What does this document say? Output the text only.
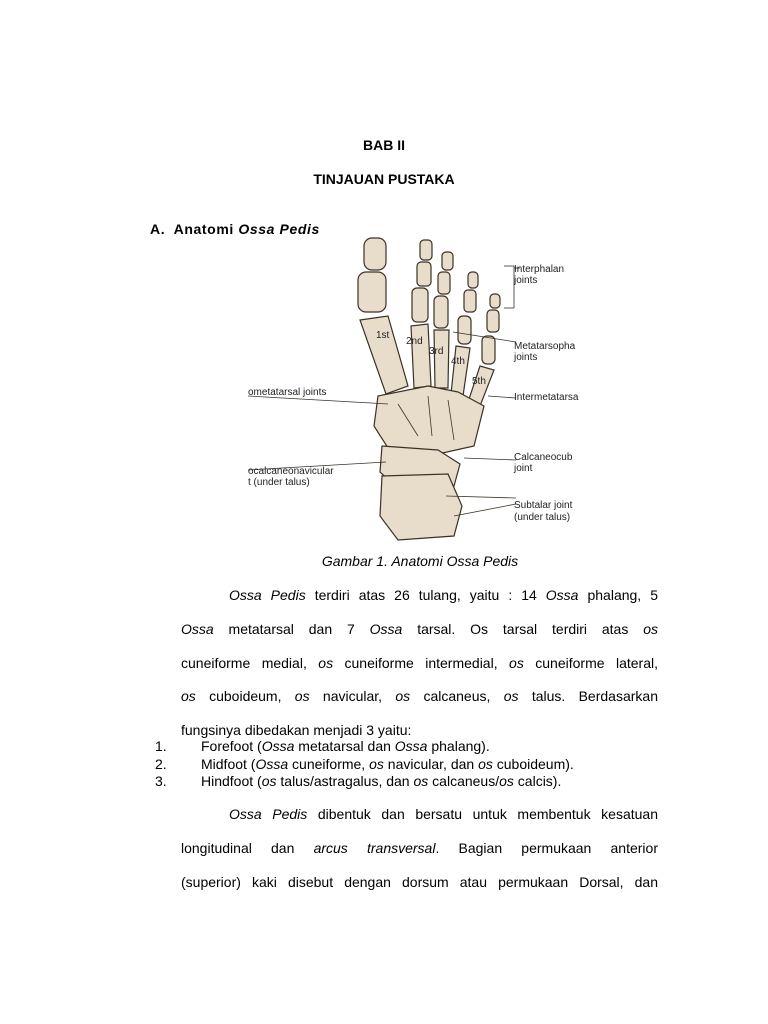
BAB II
TINJAUAN PUSTAKA
A. Anatomi Ossa Pedis
1st
2nd
3rd
4th
5th
Interphalan
joints
Metatarsopha
joints
Intermetatarsa
Calcaneocub
joint
Subtalar joint
(under talus)
ometatarsal joints
ocalcaneonavicular
t (under talus)
Gambar 1. Anatomi Ossa Pedis
Ossa Pedis terdiri atas 26 tulang, yaitu : 14 Ossa phalang, 5
Ossa metatarsal dan 7 Ossa tarsal. Os tarsal terdiri atas os
cuneiforme medial, os cuneiforme intermedial, os cuneiforme lateral,
os cuboideum, os navicular, os calcaneus, os talus. Berdasarkan
fungsinya dibedakan menjadi 3 yaitu:
1. Forefoot (Ossa metatarsal dan Ossa phalang).
2. Midfoot (Ossa cuneiforme, os navicular, dan os cuboideum).
3. Hindfoot (os talus/astragalus, dan os calcaneus/os calcis).
Ossa Pedis dibentuk dan bersatu untuk membentuk kesatuan
longitudinal dan arcus transversal. Bagian permukaan anterior
(superior) kaki disebut dengan dorsum atau permukaan Dorsal, dan
